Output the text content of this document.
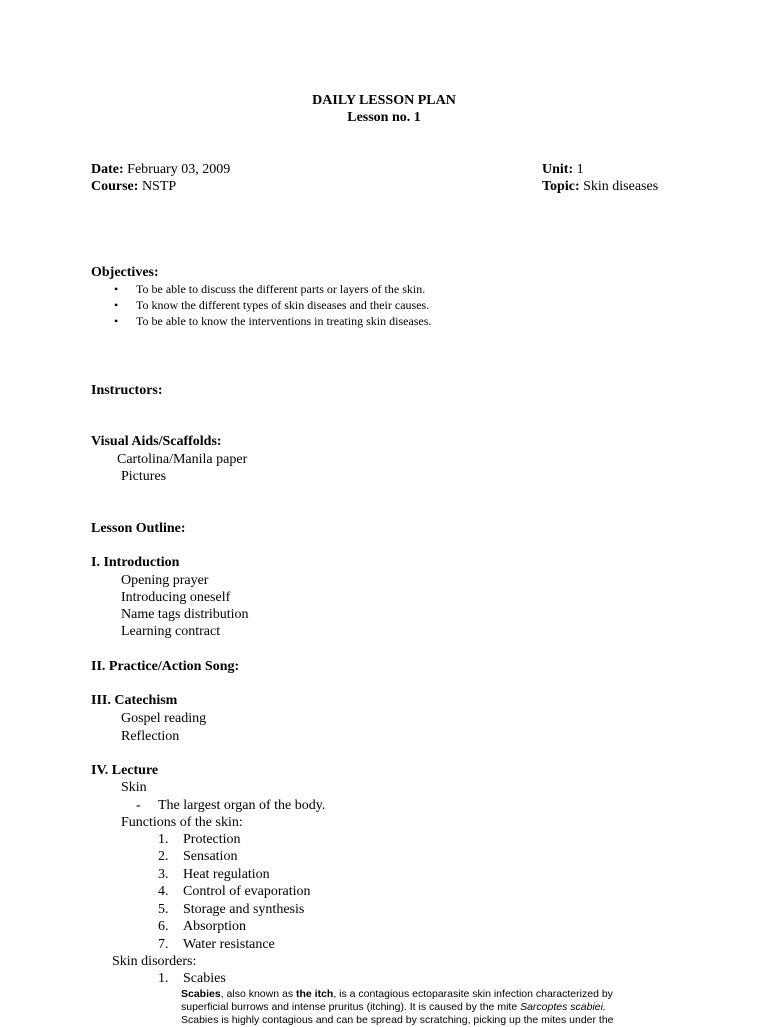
DAILY LESSON PLAN
Lesson no. 1
Date: February 03, 2009
Course: NSTP
Unit: 1
Topic: Skin diseases
Objectives:
• To be able to discuss the different parts or layers of the skin.
• To know the different types of skin diseases and their causes.
• To be able to know the interventions in treating skin diseases.
Instructors:
Visual Aids/Scaffolds:
Cartolina/Manila paper
Pictures
Lesson Outline:
I. Introduction
Opening prayer
Introducing oneself
Name tags distribution
Learning contract
II. Practice/Action Song:
III. Catechism
Gospel reading
Reflection
IV. Lecture
Skin
- The largest organ of the body.
Functions of the skin:
1. Protection
2. Sensation
3. Heat regulation
4. Control of evaporation
5. Storage and synthesis
6. Absorption
7. Water resistance
Skin disorders:
1. Scabies
Scabies, also known as the itch, is a contagious ectoparasite skin infection characterized by
superficial burrows and intense pruritus (itching). It is caused by the mite Sarcoptes scabiei.
Scabies is highly contagious and can be spread by scratching, picking up the mites under the
